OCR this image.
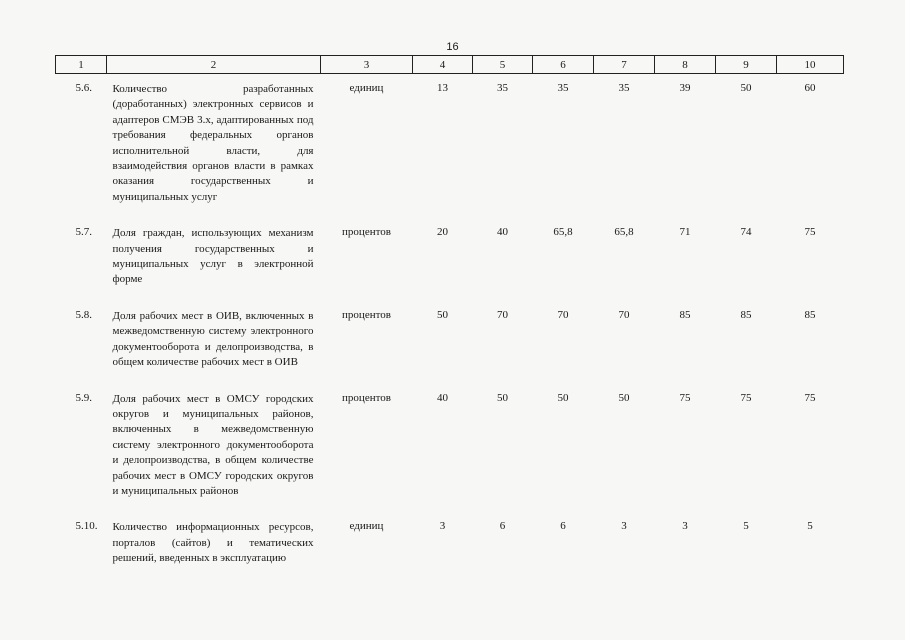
16
1	2	3	4	5	6	7	8	9	10
5.6.	Количество разработанных (доработанных) электронных сервисов и адаптеров СМЭВ 3.х, адаптированных под требования федеральных органов исполнительной власти, для взаимодействия органов власти в рамках оказания государственных и муниципальных услуг	единиц	13	35	35	35	39	50	60
5.7.	Доля граждан, использующих механизм получения государственных и муниципальных услуг в электронной форме	процентов	20	40	65,8	65,8	71	74	75
5.8.	Доля рабочих мест в ОИВ, включенных в межведомственную систему электронного документооборота и делопроизводства, в общем количестве рабочих мест в ОИВ	процентов	50	70	70	70	85	85	85
5.9.	Доля рабочих мест в ОМСУ городских округов и муниципальных районов, включенных в межведомственную систему электронного документооборота и делопроизводства, в общем количестве рабочих мест в ОМСУ городских округов и муниципальных районов	процентов	40	50	50	50	75	75	75
5.10.	Количество информационных ресурсов, порталов (сайтов) и тематических решений, введенных в эксплуатацию	единиц	3	6	6	3	3	5	5
